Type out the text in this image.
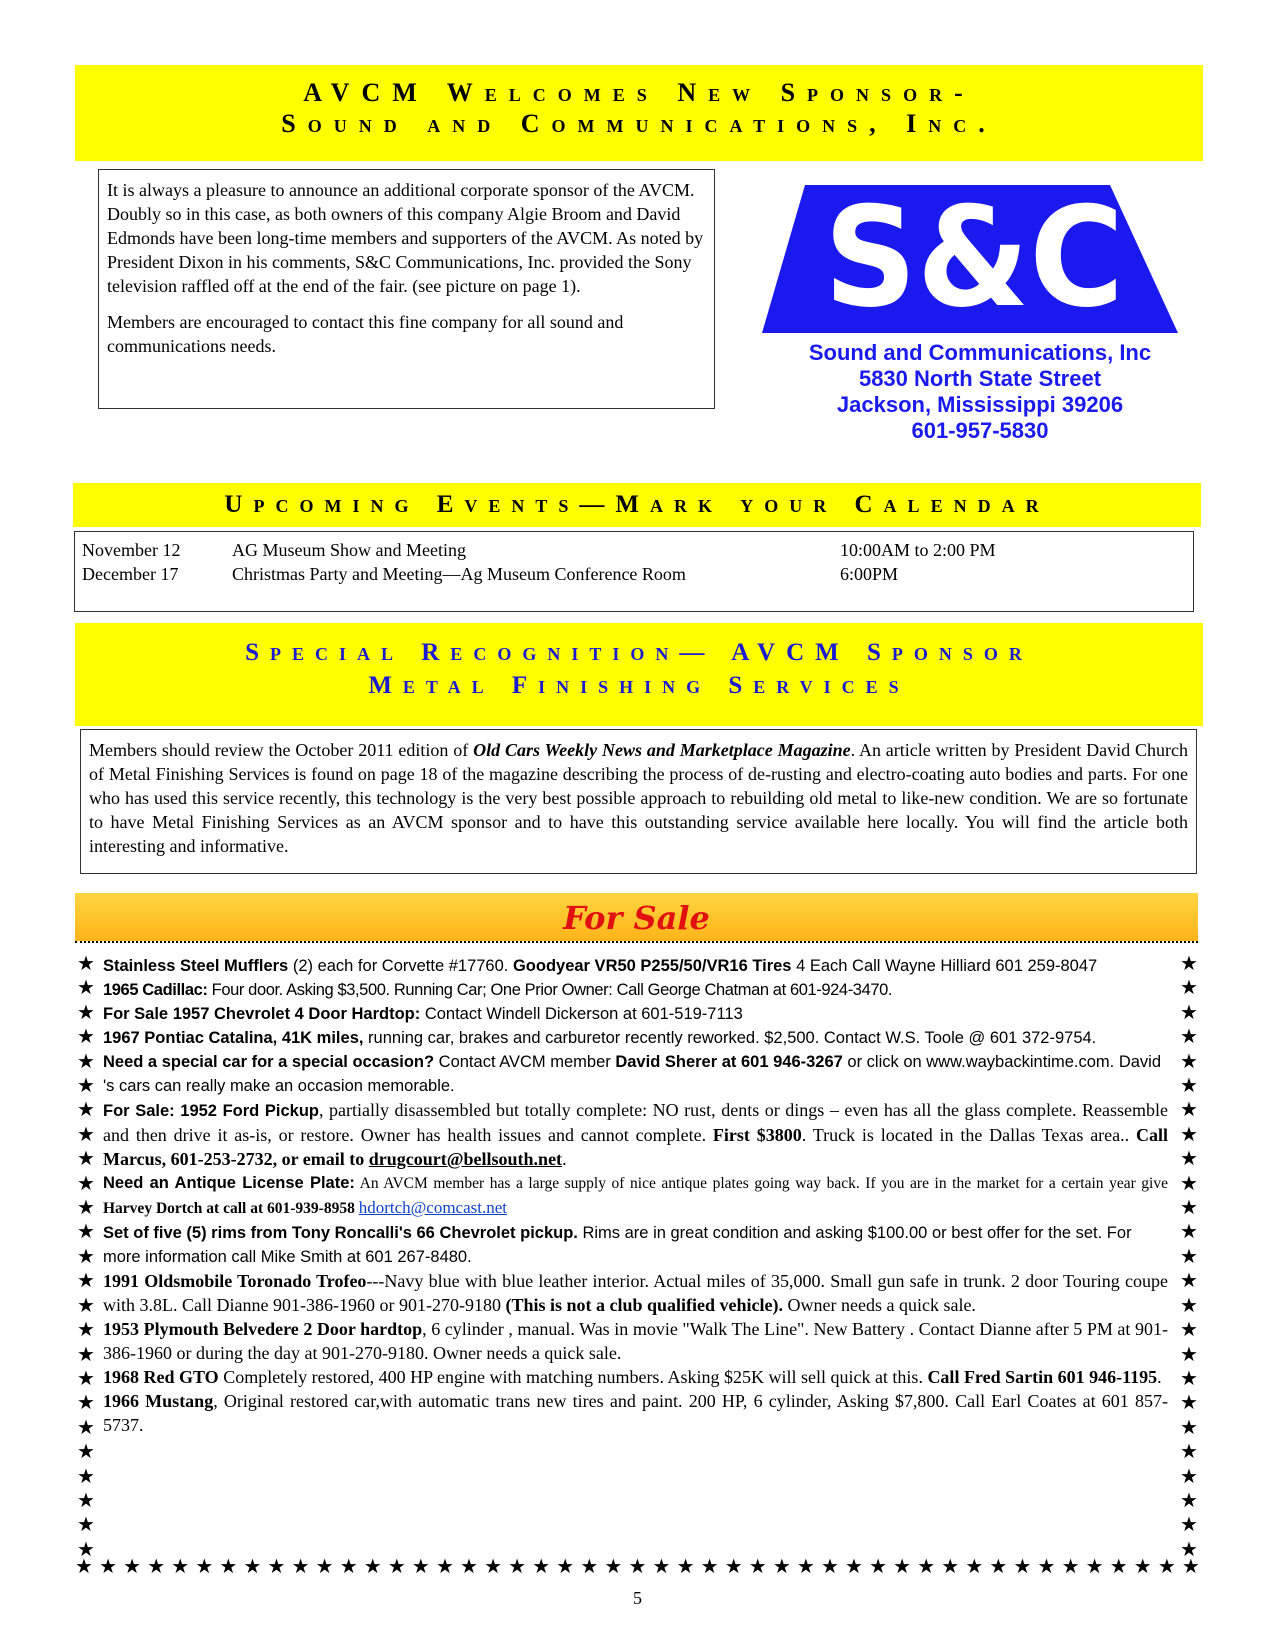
AVCM Welcomes New Sponsor-
Sound and Communications, Inc.

It is always a pleasure to announce an additional corporate sponsor of the AVCM. Doubly so in this case, as both owners of this company Algie Broom and David Edmonds have been long-time members and supporters of the AVCM. As noted by President Dixon in his comments, S&C Communications, Inc. provided the Sony television raffled off at the end of the fair. (see picture on page 1).

Members are encouraged to contact this fine company for all sound and communications needs.

S&C
Sound and Communications, Inc
5830 North State Street
Jackson, Mississippi 39206
601-957-5830
Upcoming Events—Mark your Calendar
November 12	AG Museum Show and Meeting	10:00AM to 2:00 PM
December 17	Christmas Party and Meeting—Ag Museum Conference Room	6:00PM
Special Recognition— AVCM Sponsor
Metal Finishing Services
Members should review the October 2011 edition of Old Cars Weekly News and Marketplace Magazine. An article written by President David Church of Metal Finishing Services is found on page 18 of the magazine describing the process of de-rusting and electro-coating auto bodies and parts. For one who has used this service recently, this technology is the very best possible approach to rebuilding old metal to like-new condition. We are so fortunate to have Metal Finishing Services as an AVCM sponsor and to have this outstanding service available here locally. You will find the article both interesting and informative.
For Sale
★
★
★
★
★
★
★
★
★
★
★
★
★
★
★
★
★
★
★
★
★
★
★
★
★
★
★
★
★
★
★
★
★
★
★
★
★
★
★
★
★
★
★
★
★
★
★
★
★
★
★ ★ ★ ★ ★ ★ ★ ★ ★ ★ ★ ★ ★ ★ ★ ★ ★ ★ ★ ★ ★ ★ ★ ★ ★ ★ ★ ★ ★ ★ ★ ★ ★ ★ ★ ★ ★ ★ ★ ★ ★ ★ ★ ★ ★ ★ ★

Stainless Steel Mufflers (2) each for Corvette #17760. Goodyear VR50 P255/50/VR16 Tires 4 Each Call Wayne Hilliard 601 259-8047

1965 Cadillac: Four door. Asking $3,500. Running Car; One Prior Owner: Call George Chatman at 601-924-3470.

For Sale 1957 Chevrolet 4 Door Hardtop: Contact Windell Dickerson at 601-519-7113

1967 Pontiac Catalina, 41K miles, running car, brakes and carburetor recently reworked. $2,500. Contact W.S. Toole @ 601 372-9754.

Need a special car for a special occasion? Contact AVCM member David Sherer at 601 946-3267 or click on www.waybackintime.com. David 's cars can really make an occasion memorable.

For Sale: 1952 Ford Pickup, partially disassembled but totally complete: NO rust, dents or dings – even has all the glass complete. Reassemble and then drive it as-is, or restore. Owner has health issues and cannot complete. First $3800. Truck is located in the Dallas Texas area.. Call Marcus, 601-253-2732, or email to drugcourt@bellsouth.net.

Need an Antique License Plate: An AVCM member has a large supply of nice antique plates going way back. If you are in the market for a certain year give Harvey Dortch at call at 601-939-8958 hdortch@comcast.net

Set of five (5) rims from Tony Roncalli's 66 Chevrolet pickup. Rims are in great condition and asking $100.00 or best offer for the set. For more information call Mike Smith at 601 267-8480.

1991 Oldsmobile Toronado Trofeo---Navy blue with blue leather interior. Actual miles of 35,000. Small gun safe in trunk. 2 door Touring coupe with 3.8L. Call Dianne 901-386-1960 or 901-270-9180 (This is not a club qualified vehicle). Owner needs a quick sale.

1953 Plymouth Belvedere 2 Door hardtop, 6 cylinder , manual. Was in movie "Walk The Line". New Battery . Contact Dianne after 5 PM at 901-386-1960 or during the day at 901-270-9180. Owner needs a quick sale.

1968 Red GTO Completely restored, 400 HP engine with matching numbers. Asking $25K will sell quick at this. Call Fred Sartin 601 946-1195.

1966 Mustang, Original restored car,with automatic trans new tires and paint. 200 HP, 6 cylinder, Asking $7,800. Call Earl Coates at 601 857-5737.

5
